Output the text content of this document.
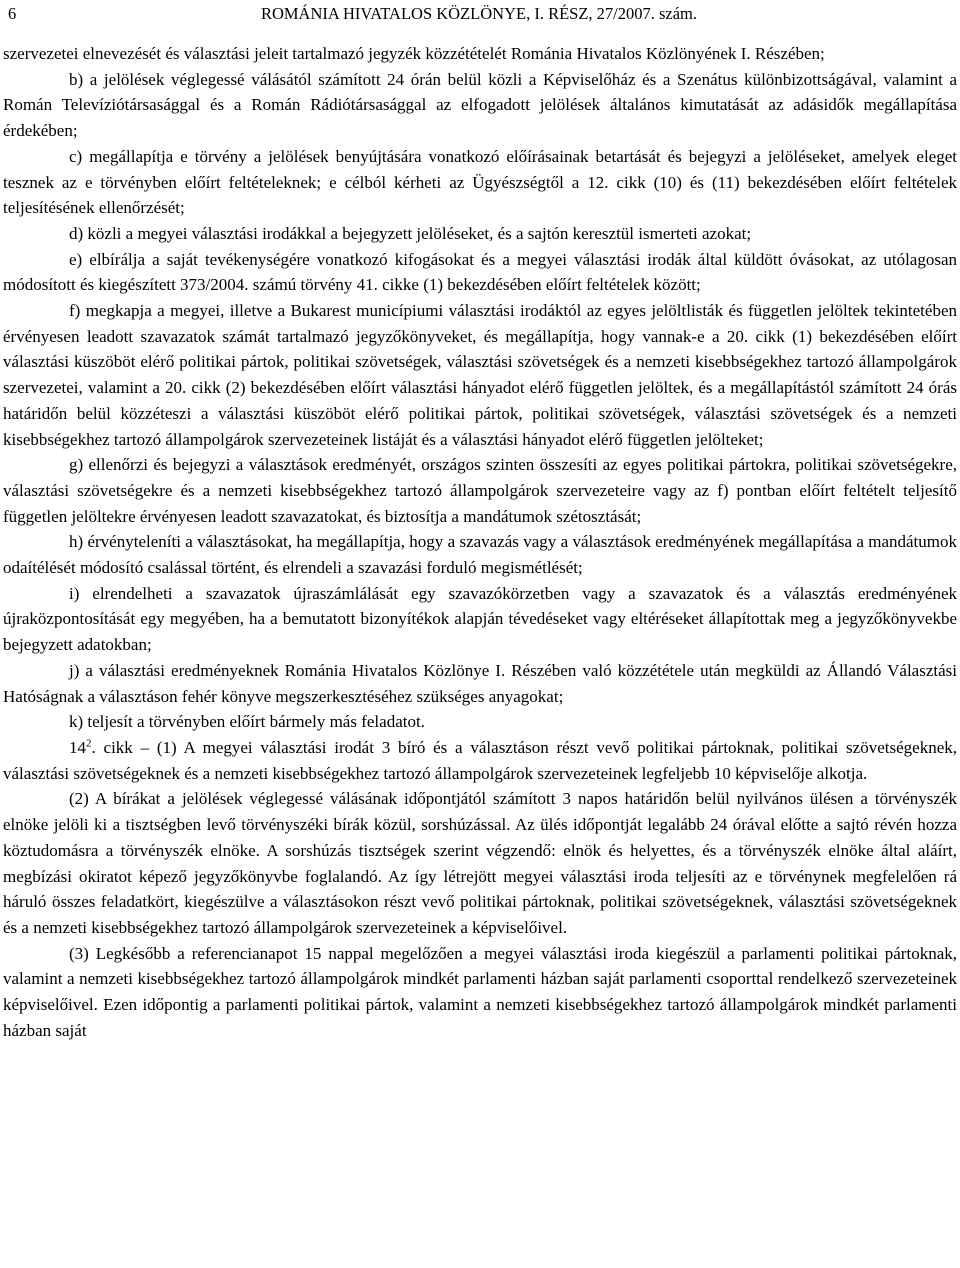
6	ROMÁNIA HIVATALOS KÖZLÖNYE, I. RÉSZ, 27/2007. szám.

szervezetei elnevezését és választási jeleit tartalmazó jegyzék közzétételét Románia Hivatalos Közlönyének I. Részében;

b) a jelölések véglegessé válásától számított 24 órán belül közli a Képviselőház és a Szenátus különbizottságával, valamint a Román Televíziótársasággal és a Román Rádiótársasággal az elfogadott jelölések általános kimutatását az adásidők megállapítása érdekében;

c) megállapítja e törvény a jelölések benyújtására vonatkozó előírásainak betartását és bejegyzi a jelöléseket, amelyek eleget tesznek az e törvényben előírt feltételeknek; e célból kérheti az Ügyészségtől a 12. cikk (10) és (11) bekezdésében előírt feltételek teljesítésének ellenőrzését;

d) közli a megyei választási irodákkal a bejegyzett jelöléseket, és a sajtón keresztül ismerteti azokat;

e) elbírálja a saját tevékenységére vonatkozó kifogásokat és a megyei választási irodák által küldött óvásokat, az utólagosan módosított és kiegészített 373/2004. számú törvény 41. cikke (1) bekezdésében előírt feltételek között;

f) megkapja a megyei, illetve a Bukarest municípiumi választási irodáktól az egyes jelöltlisták és független jelöltek tekintetében érvényesen leadott szavazatok számát tartalmazó jegyzőkönyveket, és megállapítja, hogy vannak-e a 20. cikk (1) bekezdésében előírt választási küszöböt elérő politikai pártok, politikai szövetségek, választási szövetségek és a nemzeti kisebbségekhez tartozó állampolgárok szervezetei, valamint a 20. cikk (2) bekezdésében előírt választási hányadot elérő független jelöltek, és a megállapítástól számított 24 órás határidőn belül közzéteszi a választási küszöböt elérő politikai pártok, politikai szövetségek, választási szövetségek és a nemzeti kisebbségekhez tartozó állampolgárok szervezeteinek listáját és a választási hányadot elérő független jelölteket;

g) ellenőrzi és bejegyzi a választások eredményét, országos szinten összesíti az egyes politikai pártokra, politikai szövetségekre, választási szövetségekre és a nemzeti kisebbségekhez tartozó állampolgárok szervezeteire vagy az f) pontban előírt feltételt teljesítő független jelöltekre érvényesen leadott szavazatokat, és biztosítja a mandátumok szétosztását;

h) érvényteleníti a választásokat, ha megállapítja, hogy a szavazás vagy a választások eredményének megállapítása a mandátumok odaítélését módosító csalással történt, és elrendeli a szavazási forduló megismétlését;

i) elrendelheti a szavazatok újraszámlálását egy szavazókörzetben vagy a szavazatok és a választás eredményének újraközpontosítását egy megyében, ha a bemutatott bizonyítékok alapján tévedéseket vagy eltéréseket állapítottak meg a jegyzőkönyvekbe bejegyzett adatokban;

j) a választási eredményeknek Románia Hivatalos Közlönye I. Részében való közzététele után megküldi az Állandó Választási Hatóságnak a választáson fehér könyve megszerkesztéséhez szükséges anyagokat;

k) teljesít a törvényben előírt bármely más feladatot.

$14^2$. cikk – (1) A megyei választási irodát 3 bíró és a választáson részt vevő politikai pártoknak, politikai szövetségeknek, választási szövetségeknek és a nemzeti kisebbségekhez tartozó állampolgárok szervezeteinek legfeljebb 10 képviselője alkotja.

(2) A bírákat a jelölések véglegessé válásának időpontjától számított 3 napos határidőn belül nyilvános ülésen a törvényszék elnöke jelöli ki a tisztségben levő törvényszéki bírák közül, sorshúzással. Az ülés időpontját legalább 24 órával előtte a sajtó révén hozza köztudomásra a törvényszék elnöke. A sorshúzás tisztségek szerint végzendő: elnök és helyettes, és a törvényszék elnöke által aláírt, megbízási okiratot képező jegyzőkönyvbe foglalandó. Az így létrejött megyei választási iroda teljesíti az e törvénynek megfelelően rá háruló összes feladatkört, kiegészülve a választásokon részt vevő politikai pártoknak, politikai szövetségeknek, választási szövetségeknek és a nemzeti kisebbségekhez tartozó állampolgárok szervezeteinek a képviselőivel.

(3) Legkésőbb a referencianapot 15 nappal megelőzően a megyei választási iroda kiegészül a parlamenti politikai pártoknak, valamint a nemzeti kisebbségekhez tartozó állampolgárok mindkét parlamenti házban saját parlamenti csoporttal rendelkező szervezeteinek képviselőivel. Ezen időpontig a parlamenti politikai pártok, valamint a nemzeti kisebbségekhez tartozó állampolgárok mindkét parlamenti házban saját
